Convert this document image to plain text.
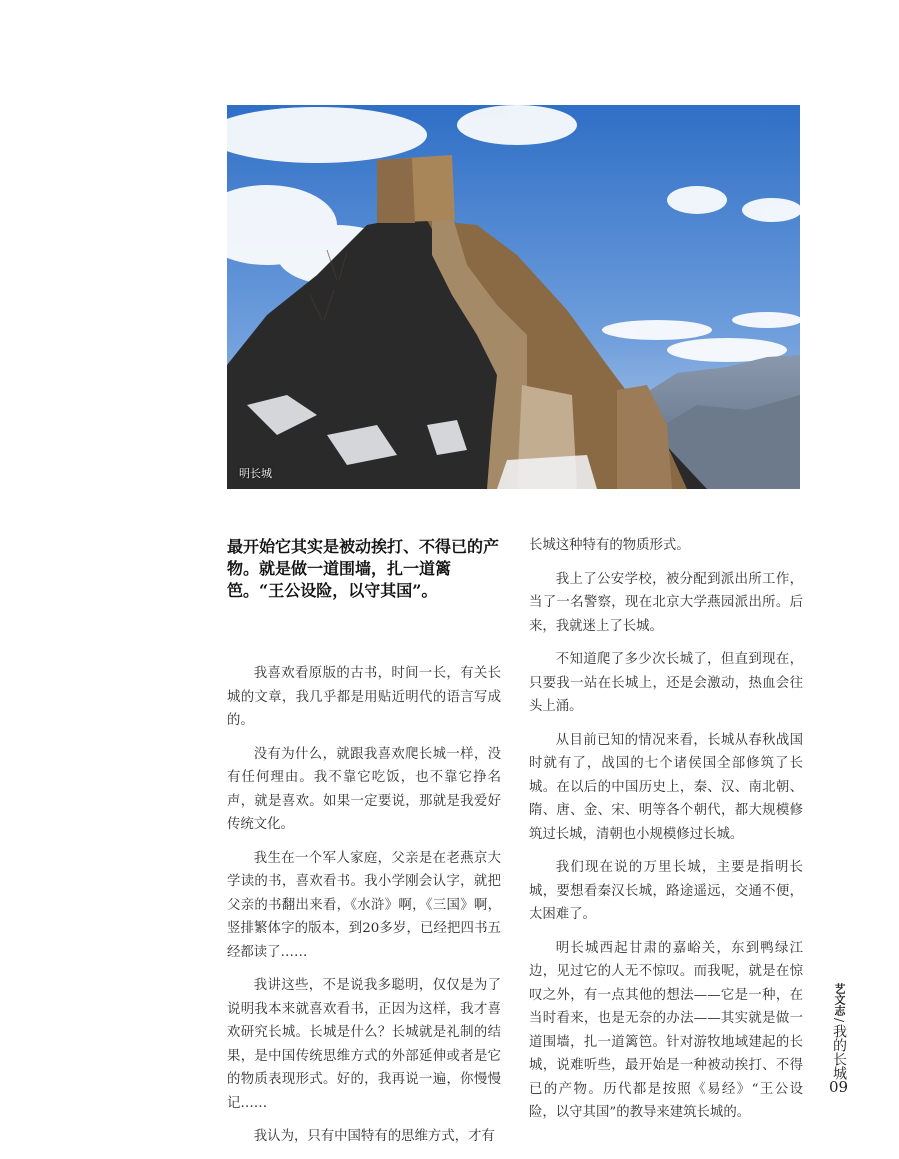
明长城
最开始它其实是被动挨打、不得已的产物。就是做一道围墙，扎一道篱笆。“王公设险，以守其国”。

我喜欢看原版的古书，时间一长，有关长城的文章，我几乎都是用贴近明代的语言写成的。

没有为什么，就跟我喜欢爬长城一样，没有任何理由。我不靠它吃饭，也不靠它挣名声，就是喜欢。如果一定要说，那就是我爱好传统文化。

我生在一个军人家庭，父亲是在老燕京大学读的书，喜欢看书。我小学刚会认字，就把父亲的书翻出来看，《水浒》啊，《三国》啊，竖排繁体字的版本，到20多岁，已经把四书五经都读了……

我讲这些，不是说我多聪明，仅仅是为了说明我本来就喜欢看书，正因为这样，我才喜欢研究长城。长城是什么？长城就是礼制的结果，是中国传统思维方式的外部延伸或者是它的物质表现形式。好的，我再说一遍，你慢慢记……

我认为，只有中国特有的思维方式，才有

长城这种特有的物质形式。

我上了公安学校，被分配到派出所工作，当了一名警察，现在北京大学燕园派出所。后来，我就迷上了长城。

不知道爬了多少次长城了，但直到现在，只要我一站在长城上，还是会激动，热血会往头上涌。

从目前已知的情况来看，长城从春秋战国时就有了，战国的七个诸侯国全部修筑了长城。在以后的中国历史上，秦、汉、南北朝、隋、唐、金、宋、明等各个朝代，都大规模修筑过长城，清朝也小规模修过长城。

我们现在说的万里长城，主要是指明长城，要想看秦汉长城，路途遥远，交通不便，太困难了。

明长城西起甘肃的嘉峪关，东到鸭绿江边，见过它的人无不惊叹。而我呢，就是在惊叹之外，有一点其他的想法——它是一种，在当时看来，也是无奈的办法——其实就是做一道围墙，扎一道篱笆。针对游牧地域建起的长城，说难听些，最开始是一种被动挨打、不得已的产物。历代都是按照《易经》“王公设险，以守其国”的教导来建筑长城的。

艺文志
/
我的长城
09
